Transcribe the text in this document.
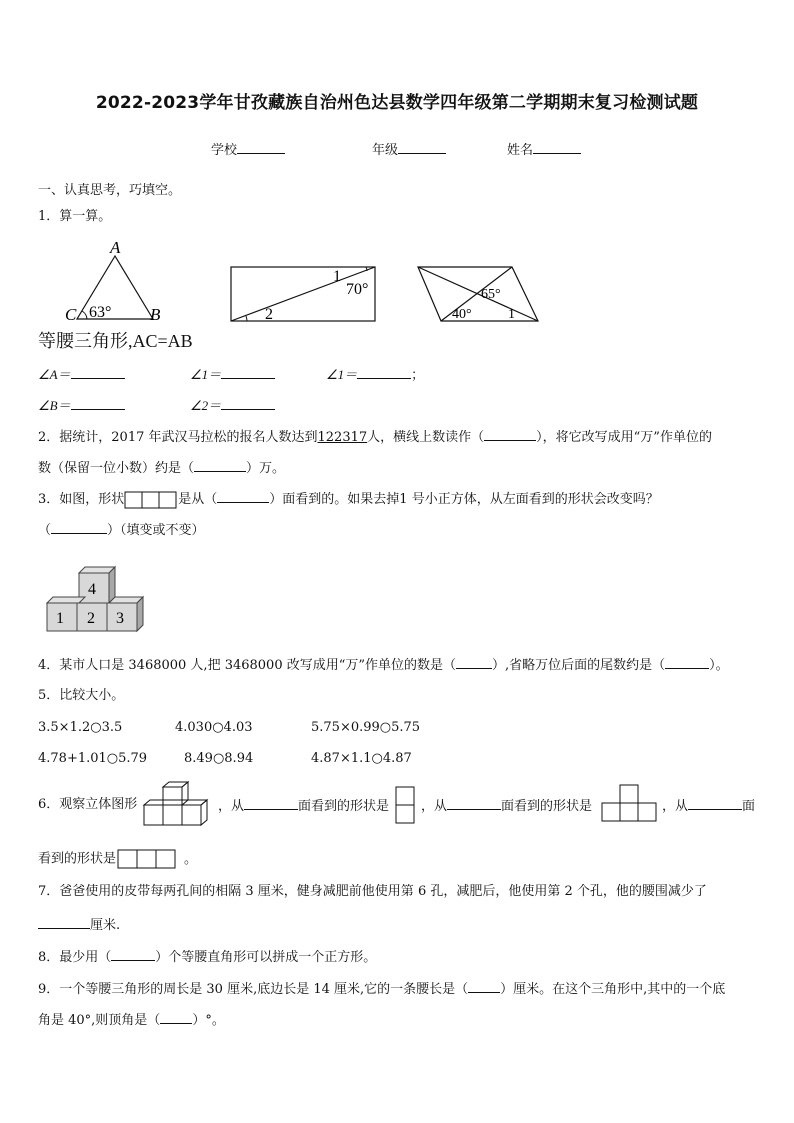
2022-2023学年甘孜藏族自治州色达县数学四年级第二学期期末复习检测试题
学校	年级	姓名
一、认真思考，巧填空。
1．算一算。
A
C	B
63°
等腰三角形,AC=AB
1
70°
2
65°
40°	1
∠A＝	∠1＝	∠1＝	；
∠B＝	∠2＝
2．据统计，2017 年武汉马拉松的报名人数达到122317人，横线上数读作（	），将它改写成用“万”作单位的
数（保留一位小数）约是（	）万。
3．如图，形状	是从（	）面看到的。如果去掉1 号小正方体，从左面看到的形状会改变吗？
（	）（填变或不变）
4
1 2 3
4．某市人口是 3468000 人,把 3468000 改写成用“万”作单位的数是（	）,省略万位后面的尾数约是（	）。
5．比较大小。
3.5×1.2○3.5	4.030○4.03	5.75×0.99○5.75
4.78+1.01○5.79	8.49○8.94	4.87×1.1○4.87
6．观察立体图形	，从	面看到的形状是 ，从	面看到的形状是	，从	面
看到的形状是	。
7．爸爸使用的皮带每两孔间的相隔 3 厘米，健身减肥前他使用第 6 孔，减肥后，他使用第 2 个孔，他的腰围减少了
厘米.
8．最少用（	）个等腰直角形可以拼成一个正方形。
9．一个等腰三角形的周长是 30 厘米,底边长是 14 厘米,它的一条腰长是（ ）厘米。在这个三角形中,其中的一个底
角是 40°,则顶角是（ ）°。
